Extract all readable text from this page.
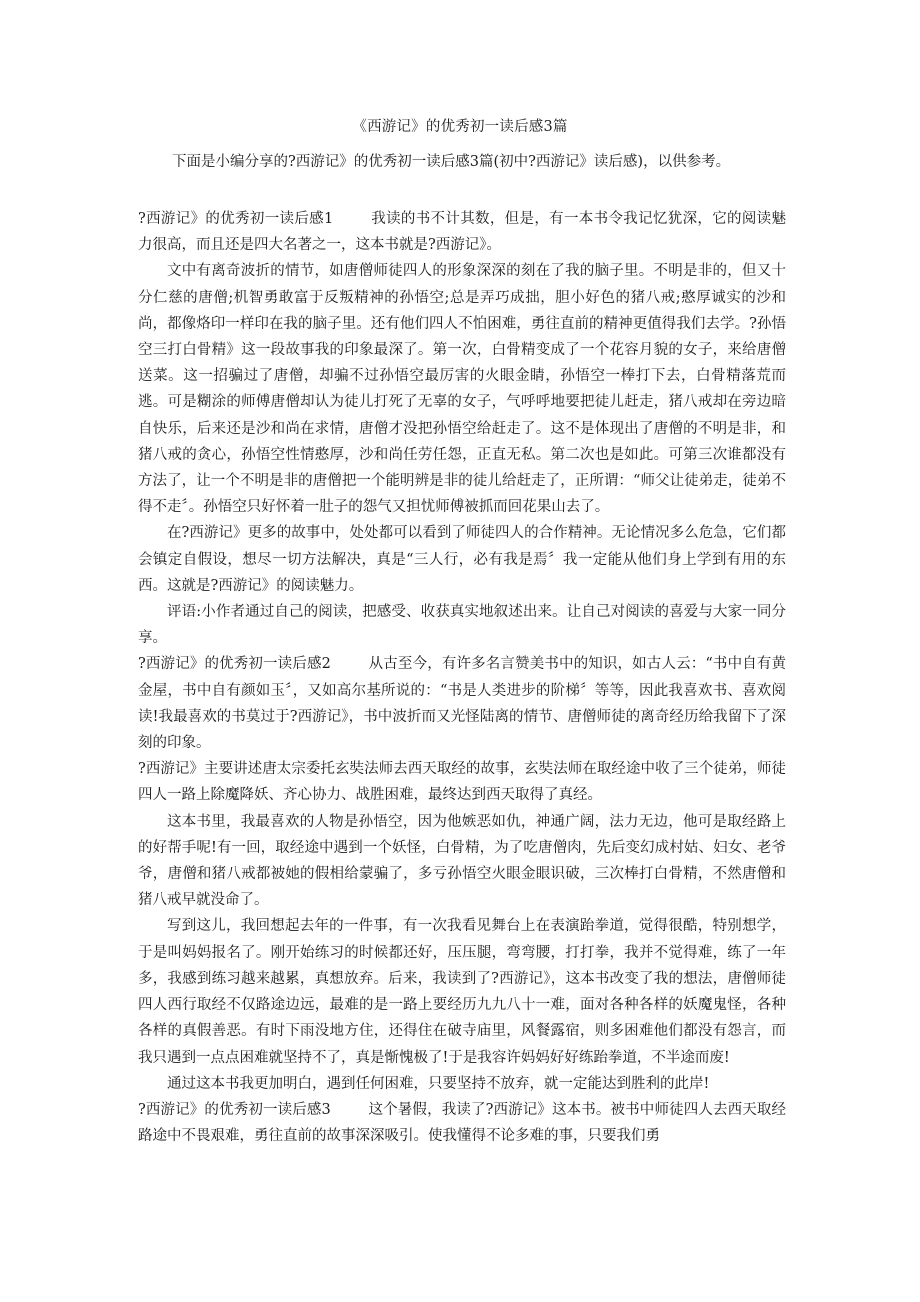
《西游记》的优秀初一读后感3篇
下面是小编分享的?西游记》的优秀初一读后感3篇(初中?西游记》读后感)，以供参考。

?西游记》的优秀初一读后感1	我读的书不计其数，但是，有一本书令我记忆犹深，它的阅读魅力很高，而且还是四大名著之一，这本书就是?西游记》。

文中有离奇波折的情节，如唐僧师徒四人的形象深深的刻在了我的脑子里。不明是非的，但又十分仁慈的唐僧;机智勇敢富于反叛精神的孙悟空;总是弄巧成拙，胆小好色的猪八戒;憨厚诚实的沙和尚，都像烙印一样印在我的脑子里。还有他们四人不怕困难，勇往直前的精神更值得我们去学。?孙悟空三打白骨精》这一段故事我的印象最深了。第一次，白骨精变成了一个花容月貌的女子，来给唐僧送菜。这一招骗过了唐僧，却骗不过孙悟空最厉害的火眼金睛，孙悟空一棒打下去，白骨精落荒而逃。可是糊涂的师傅唐僧却认为徒儿打死了无辜的女子，气呼呼地要把徒儿赶走，猪八戒却在旁边暗自快乐，后来还是沙和尚在求情，唐僧才没把孙悟空给赶走了。这不是体现出了唐僧的不明是非，和猪八戒的贪心，孙悟空性情憨厚，沙和尚任劳任怨，正直无私。第二次也是如此。可第三次谁都没有方法了，让一个不明是非的唐僧把一个能明辨是非的徒儿给赶走了，正所谓：“师父让徒弟走，徒弟不得不走〞。孙悟空只好怀着一肚子的怨气又担忧师傅被抓而回花果山去了。

在?西游记》更多的故事中，处处都可以看到了师徒四人的合作精神。无论情况多么危急，它们都会镇定自假设，想尽一切方法解决，真是“三人行，必有我是焉〞我一定能从他们身上学到有用的东西。这就是?西游记》的阅读魅力。

评语:小作者通过自己的阅读，把感受、收获真实地叙述出来。让自己对阅读的喜爱与大家一同分享。

?西游记》的优秀初一读后感2	从古至今，有许多名言赞美书中的知识，如古人云：“书中自有黄金屋，书中自有颜如玉〞，又如高尔基所说的：“书是人类进步的阶梯〞等等，因此我喜欢书、喜欢阅读!我最喜欢的书莫过于?西游记》，书中波折而又光怪陆离的情节、唐僧师徒的离奇经历给我留下了深刻的印象。

?西游记》主要讲述唐太宗委托玄奘法师去西天取经的故事，玄奘法师在取经途中收了三个徒弟，师徒四人一路上除魔降妖、齐心协力、战胜困难，最终达到西天取得了真经。

这本书里，我最喜欢的人物是孙悟空，因为他嫉恶如仇，神通广阔，法力无边，他可是取经路上的好帮手呢!有一回，取经途中遇到一个妖怪，白骨精，为了吃唐僧肉，先后变幻成村姑、妇女、老爷爷，唐僧和猪八戒都被她的假相给蒙骗了，多亏孙悟空火眼金眼识破，三次棒打白骨精，不然唐僧和猪八戒早就没命了。

写到这儿，我回想起去年的一件事，有一次我看见舞台上在表演跆拳道，觉得很酷，特别想学，于是叫妈妈报名了。刚开始练习的时候都还好，压压腿，弯弯腰，打打拳，我并不觉得难，练了一年多，我感到练习越来越累，真想放弃。后来，我读到了?西游记》，这本书改变了我的想法，唐僧师徒四人西行取经不仅路途边远，最难的是一路上要经历九九八十一难，面对各种各样的妖魔鬼怪，各种各样的真假善恶。有时下雨没地方住，还得住在破寺庙里，风餐露宿，则多困难他们都没有怨言，而我只遇到一点点困难就坚持不了，真是惭愧极了!于是我容许妈妈好好练跆拳道，不半途而废!

通过这本书我更加明白，遇到任何困难，只要坚持不放弃，就一定能达到胜利的此岸!

?西游记》的优秀初一读后感3	这个暑假，我读了?西游记》这本书。被书中师徒四人去西天取经路途中不畏艰难，勇往直前的故事深深吸引。使我懂得不论多难的事，只要我们勇
